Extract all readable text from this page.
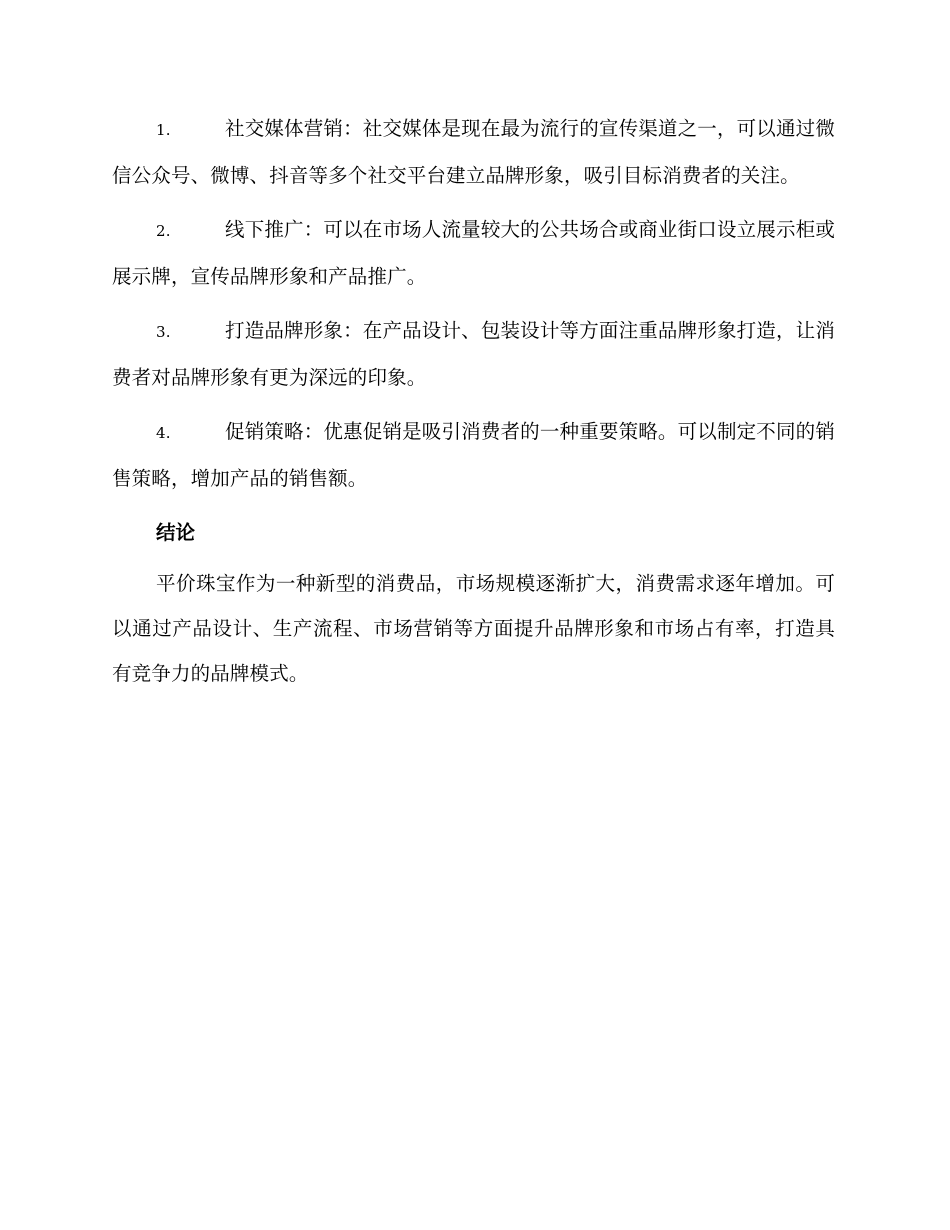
1.	社交媒体营销：社交媒体是现在最为流行的宣传渠道之一，可以通过微信公众号、微博、抖音等多个社交平台建立品牌形象，吸引目标消费者的关注。

2.	线下推广：可以在市场人流量较大的公共场合或商业街口设立展示柜或展示牌，宣传品牌形象和产品推广。

3.	打造品牌形象：在产品设计、包装设计等方面注重品牌形象打造，让消费者对品牌形象有更为深远的印象。

4.	促销策略：优惠促销是吸引消费者的一种重要策略。可以制定不同的销售策略，增加产品的销售额。

结论

平价珠宝作为一种新型的消费品，市场规模逐渐扩大，消费需求逐年增加。可以通过产品设计、生产流程、市场营销等方面提升品牌形象和市场占有率，打造具有竞争力的品牌模式。
